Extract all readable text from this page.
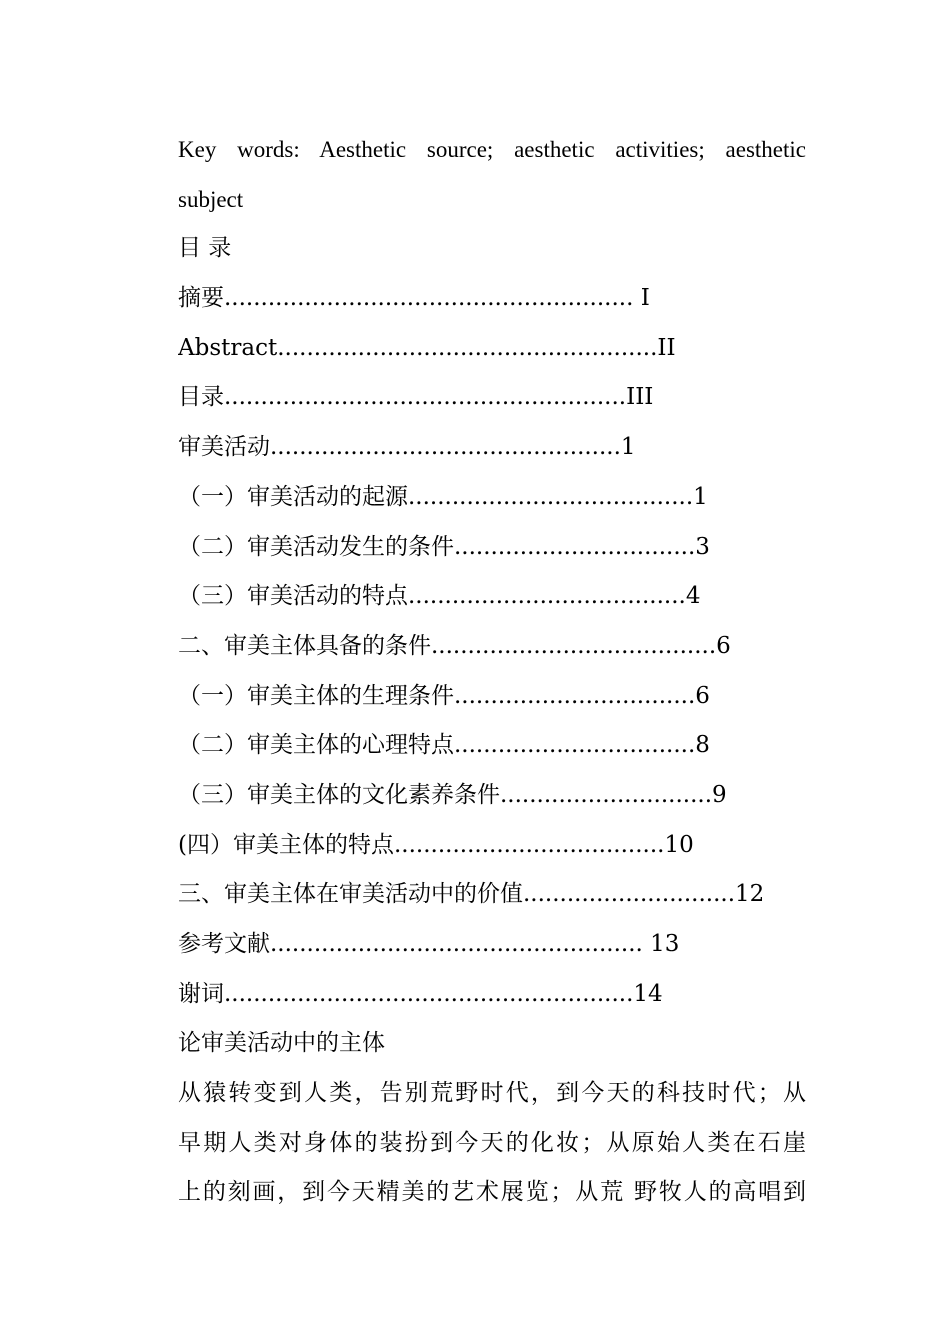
Key words: Aesthetic source; aesthetic activities; aesthetic
subject
目 录
摘要........................................................ I
Abstract....................................................II
目录.......................................................III
审美活动................................................1
（一）审美活动的起源.......................................1
（二）审美活动发生的条件.................................3
（三）审美活动的特点......................................4
二、审美主体具备的条件.......................................6
（一）审美主体的生理条件.................................6
（二）审美主体的心理特点.................................8
（三）审美主体的文化素养条件.............................9
(四）审美主体的特点.....................................10
三、审美主体在审美活动中的价值.............................12
参考文献................................................... 13
谢词........................................................14
论审美活动中的主体
从猿转变到人类，告别荒野时代，到今天的科技时代；从
早期人类对身体的装扮到今天的化妆；从原始人类在石崖
上的刻画，到今天精美的艺术展览；从荒 野牧人的高唱到
